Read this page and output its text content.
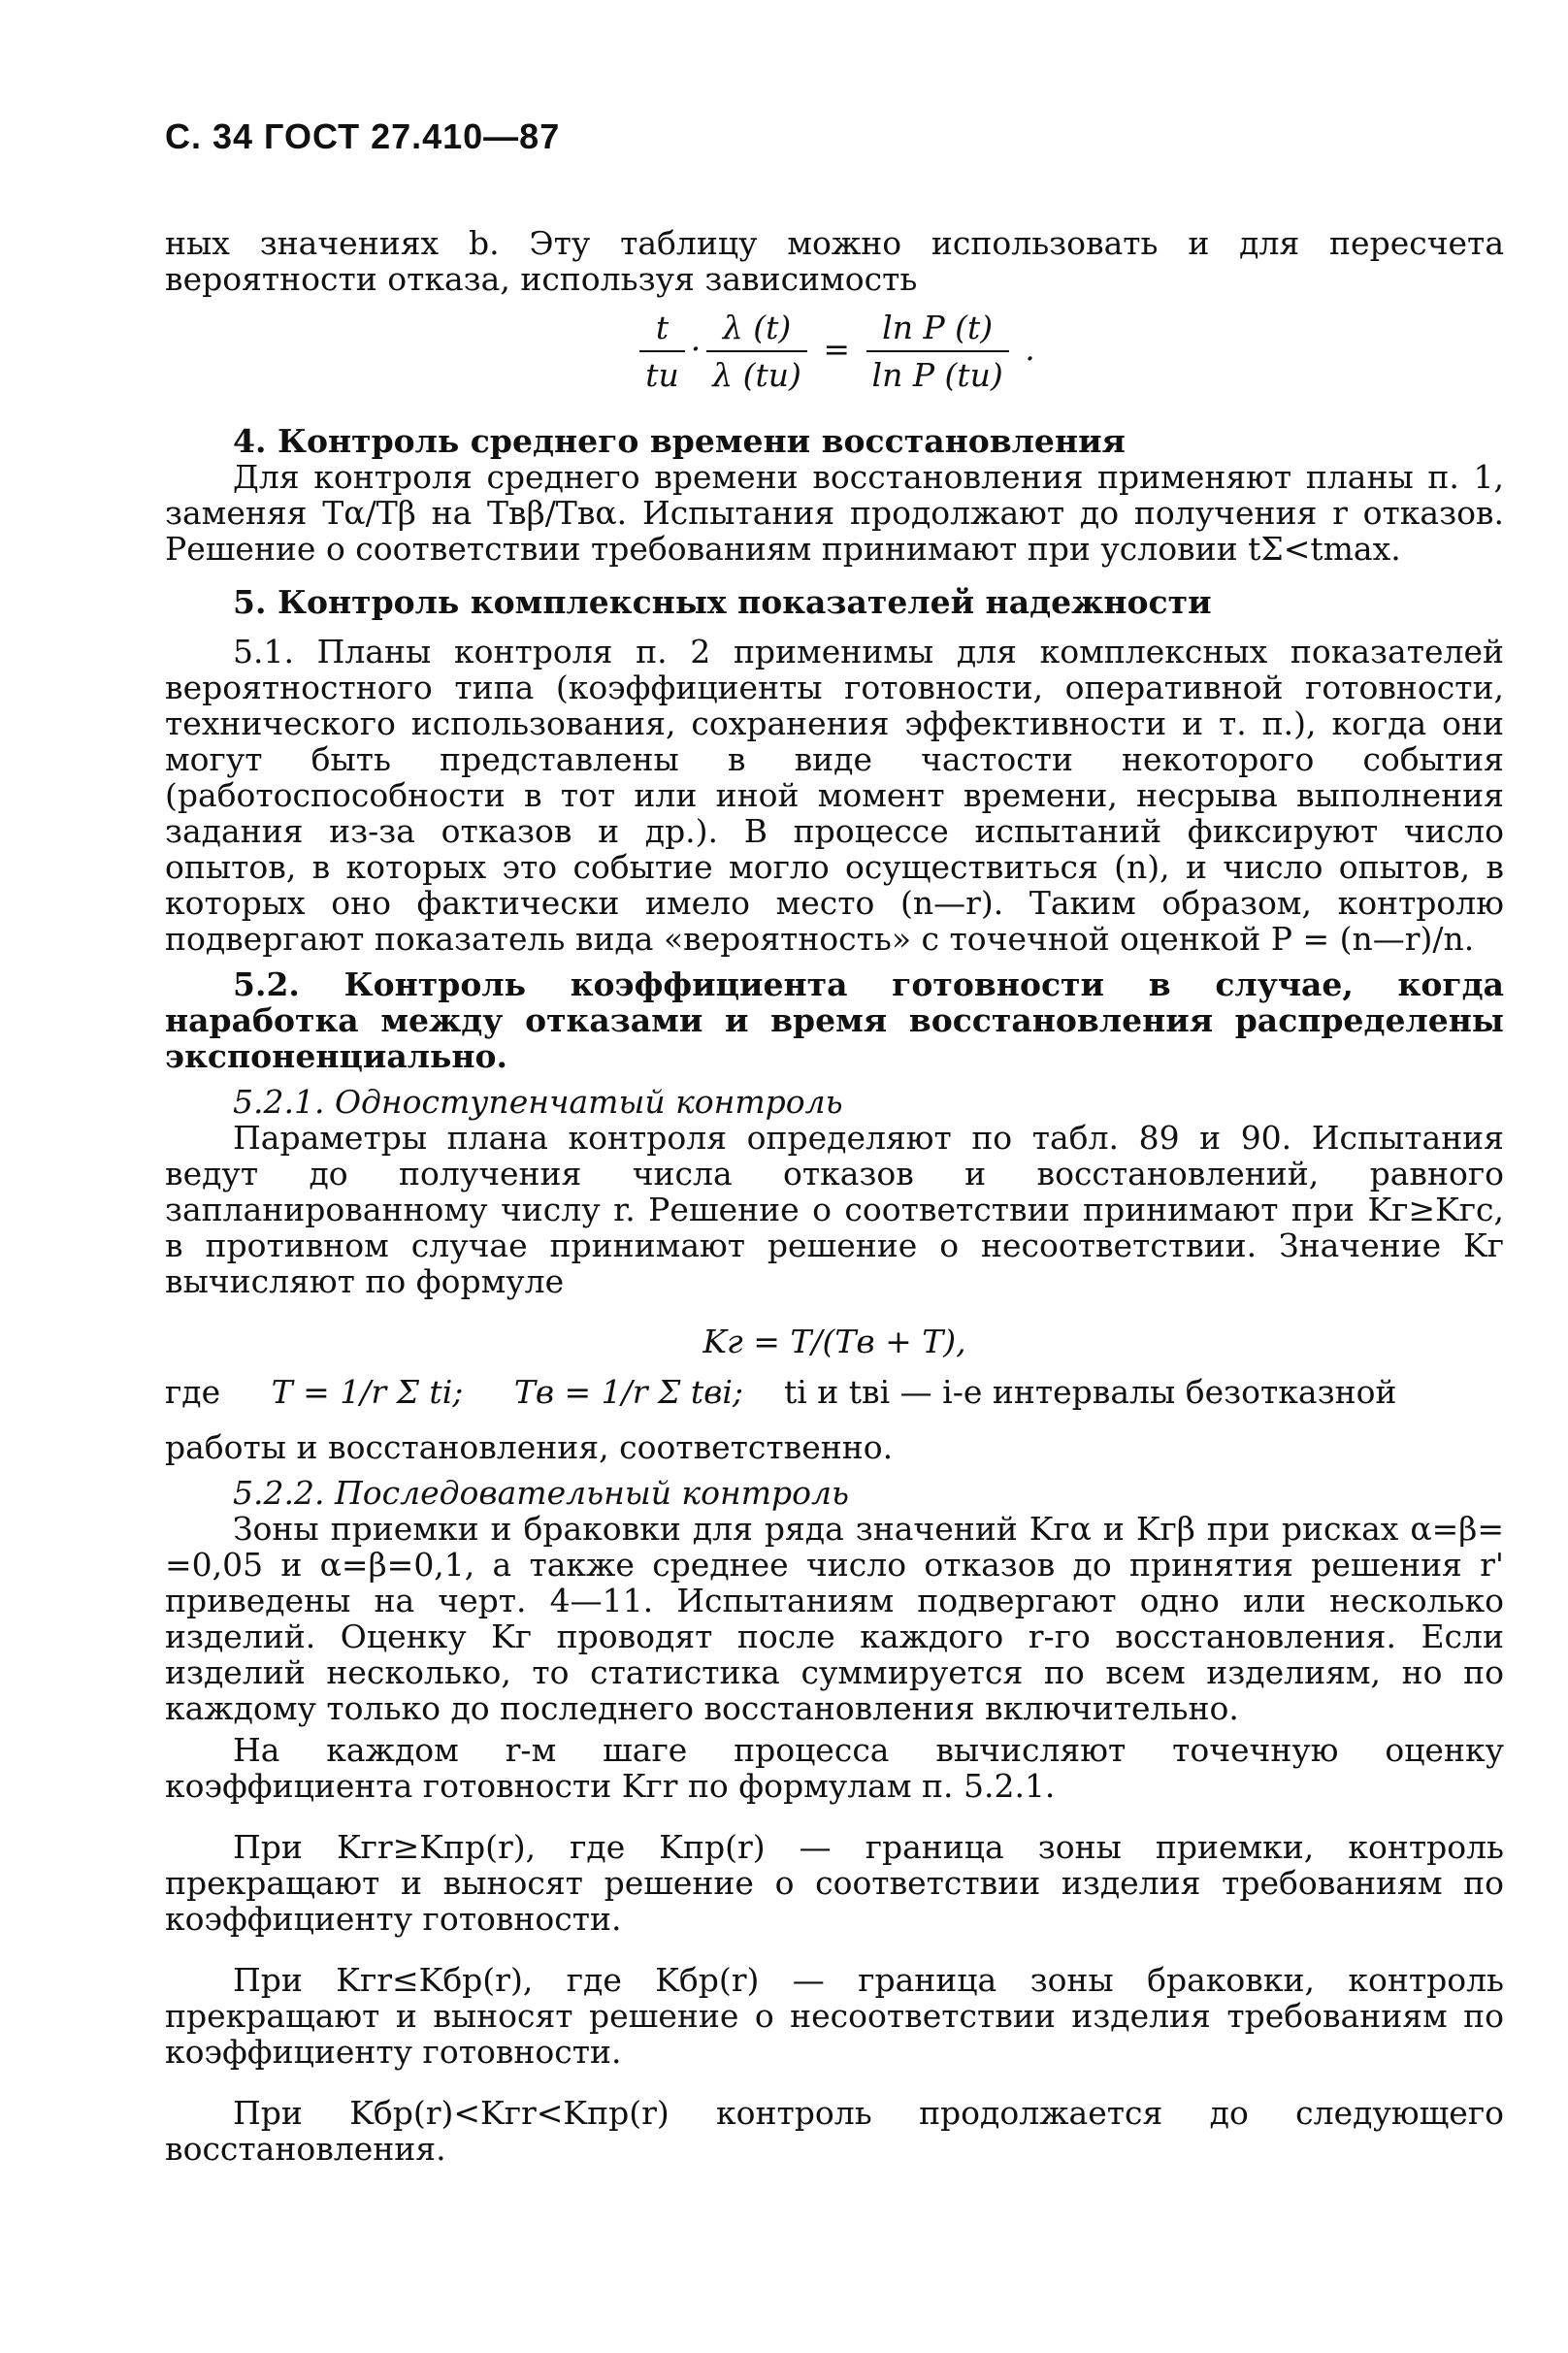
С. 34 ГОСТ 27.410—87

ных значениях b. Эту таблицу можно использовать и для пересчета вероятности отказа, используя зависимость

$\frac{t}{tи} \cdot \frac{\lambda (t)}{\lambda (tи)} = \frac{\text{ln P (t)}}{\text{ln P (tи)}}$ .
4. Контроль среднего времени восстановления

Для контроля среднего времени восстановления применяют планы п. 1, заменяя Tα/Tβ на Tвβ/Tвα. Испытания продолжают до получения r отказов. Решение о соответствии требованиям принимают при условии tΣ<tmax.

5. Контроль комплексных показателей надежности

5.1. Планы контроля п. 2 применимы для комплексных показателей вероятностного типа (коэффициенты готовности, оперативной готовности, технического использования, сохранения эффективности и т. п.), когда они могут быть представлены в виде частости некоторого события (работоспособности в тот или иной момент времени, несрыва выполнения задания из-за отказов и др.). В процессе испытаний фиксируют число опытов, в которых это событие могло осуществиться (n), и число опытов, в которых оно фактически имело место (n—r). Таким образом, контролю подвергают показатель вида «вероятность» с точечной оценкой P = (n—r)/n.

5.2. Контроль коэффициента готовности в случае, когда наработка между отказами и время восстановления распределены экспоненциально.

5.2.1. Одноступенчатый контроль

Параметры плана контроля определяют по табл. 89 и 90. Испытания ведут до получения числа отказов и восстановлений, равного запланированному числу r. Решение о соответствии принимают при Kг≥Kгс, в противном случае принимают решение о несоответствии. Значение Kг вычисляют по формуле

Kг = T/(Tв + T),

где T = 1/r Σ ti; Tв = 1/r Σ tвi; ti и tвi — i-е интервалы безотказной

работы и восстановления, соответственно.

5.2.2. Последовательный контроль

Зоны приемки и браковки для ряда значений Kгα и Kгβ при рисках α=β= =0,05 и α=β=0,1, а также среднее число отказов до принятия решения r' приведены на черт. 4—11. Испытаниям подвергают одно или несколько изделий. Оценку Kг проводят после каждого r-го восстановления. Если изделий несколько, то статистика суммируется по всем изделиям, но по каждому только до последнего восстановления включительно.

На каждом r-м шаге процесса вычисляют точечную оценку коэффициента готовности Kгr по формулам п. 5.2.1.

При Kгr≥Kпр(r), где Kпр(r) — граница зоны приемки, контроль прекращают и выносят решение о соответствии изделия требованиям по коэффициенту готовности.

При Kгr≤Kбр(r), где Kбр(r) — граница зоны браковки, контроль прекращают и выносят решение о несоответствии изделия требованиям по коэффициенту готовности.

При Kбр(r)<Kгr<Kпр(r) контроль продолжается до следующего восстановления.
